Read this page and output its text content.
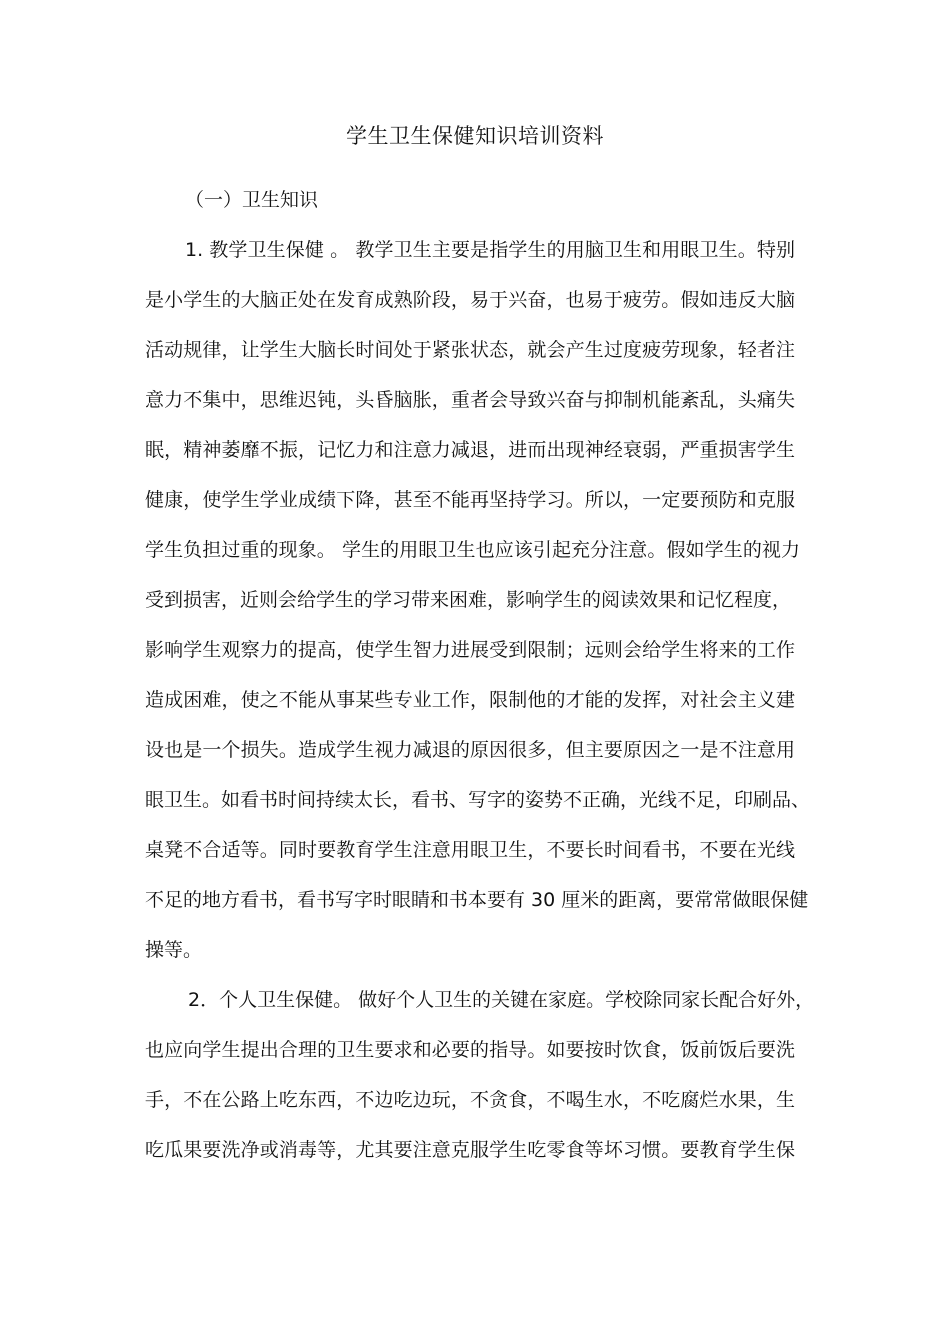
学生卫生保健知识培训资料
（一）卫生知识
1. 教学卫生保健 。 教学卫生主要是指学生的用脑卫生和用眼卫生。特别
是小学生的大脑正处在发育成熟阶段，易于兴奋，也易于疲劳。假如违反大脑
活动规律，让学生大脑长时间处于紧张状态，就会产生过度疲劳现象，轻者注
意力不集中，思维迟钝，头昏脑胀，重者会导致兴奋与抑制机能紊乱，头痛失
眠，精神萎靡不振，记忆力和注意力减退，进而出现神经衰弱，严重损害学生
健康，使学生学业成绩下降，甚至不能再坚持学习。所以，一定要预防和克服
学生负担过重的现象。 学生的用眼卫生也应该引起充分注意。假如学生的视力
受到损害，近则会给学生的学习带来困难，影响学生的阅读效果和记忆程度，
影响学生观察力的提高，使学生智力进展受到限制；远则会给学生将来的工作
造成困难，使之不能从事某些专业工作，限制他的才能的发挥，对社会主义建
设也是一个损失。造成学生视力减退的原因很多，但主要原因之一是不注意用
眼卫生。如看书时间持续太长，看书、写字的姿势不正确，光线不足，印刷品、
桌凳不合适等。同时要教育学生注意用眼卫生，不要长时间看书，不要在光线
不足的地方看书，看书写字时眼睛和书本要有 30 厘米的距离，要常常做眼保健
操等。
2．个人卫生保健。 做好个人卫生的关键在家庭。学校除同家长配合好外，
也应向学生提出合理的卫生要求和必要的指导。如要按时饮食，饭前饭后要洗
手，不在公路上吃东西，不边吃边玩，不贪食，不喝生水，不吃腐烂水果，生
吃瓜果要洗净或消毒等，尤其要注意克服学生吃零食等坏习惯。要教育学生保
